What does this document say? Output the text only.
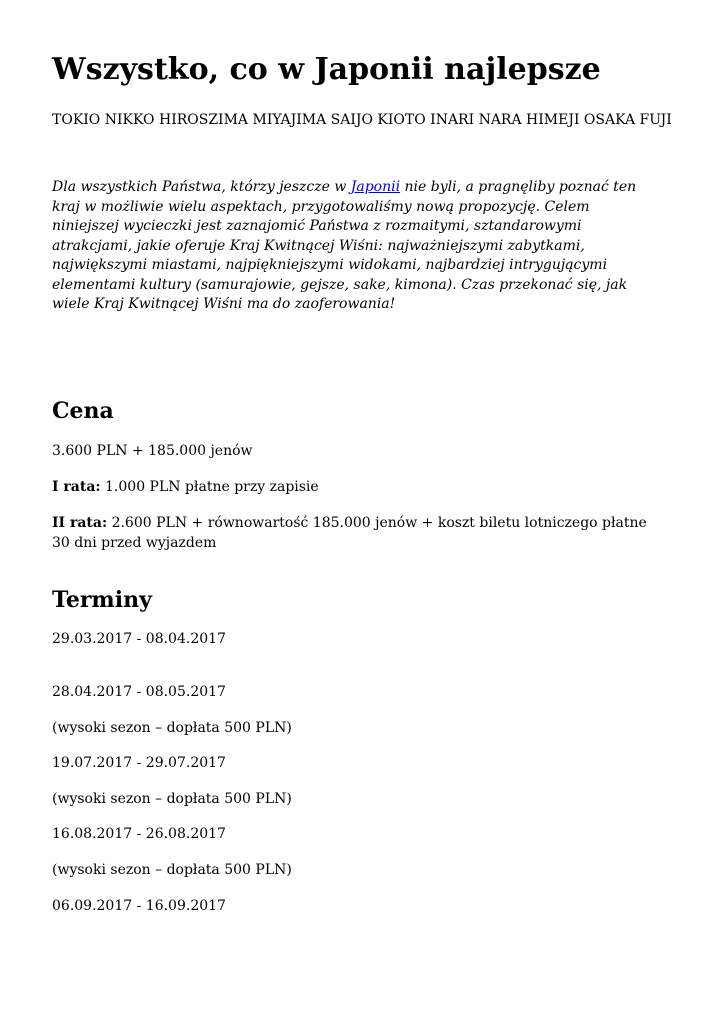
Wszystko, co w Japonii najlepsze

TOKIO NIKKO HIROSZIMA MIYAJIMA SAIJO KIOTO INARI NARA HIMEJI OSAKA FUJI

Dla wszystkich Państwa, którzy jeszcze w Japonii nie byli, a pragnęliby poznać ten kraj w możliwie wielu aspektach, przygotowaliśmy nową propozycję. Celem niniejszej wycieczki jest zaznajomić Państwa z rozmaitymi, sztandarowymi atrakcjami, jakie oferuje Kraj Kwitnącej Wiśni: najważniejszymi zabytkami, największymi miastami, najpiękniejszymi widokami, najbardziej intrygującymi elementami kultury (samurajowie, gejsze, sake, kimona). Czas przekonać się, jak wiele Kraj Kwitnącej Wiśni ma do zaoferowania!

Cena

3.600 PLN + 185.000 jenów

I rata: 1.000 PLN płatne przy zapisie

II rata: 2.600 PLN + równowartość 185.000 jenów + koszt biletu lotniczego płatne 30 dni przed wyjazdem

Terminy

29.03.2017 - 08.04.2017

28.04.2017 - 08.05.2017

(wysoki sezon – dopłata 500 PLN)

19.07.2017 - 29.07.2017

(wysoki sezon – dopłata 500 PLN)

16.08.2017 - 26.08.2017

(wysoki sezon – dopłata 500 PLN)

06.09.2017 - 16.09.2017
